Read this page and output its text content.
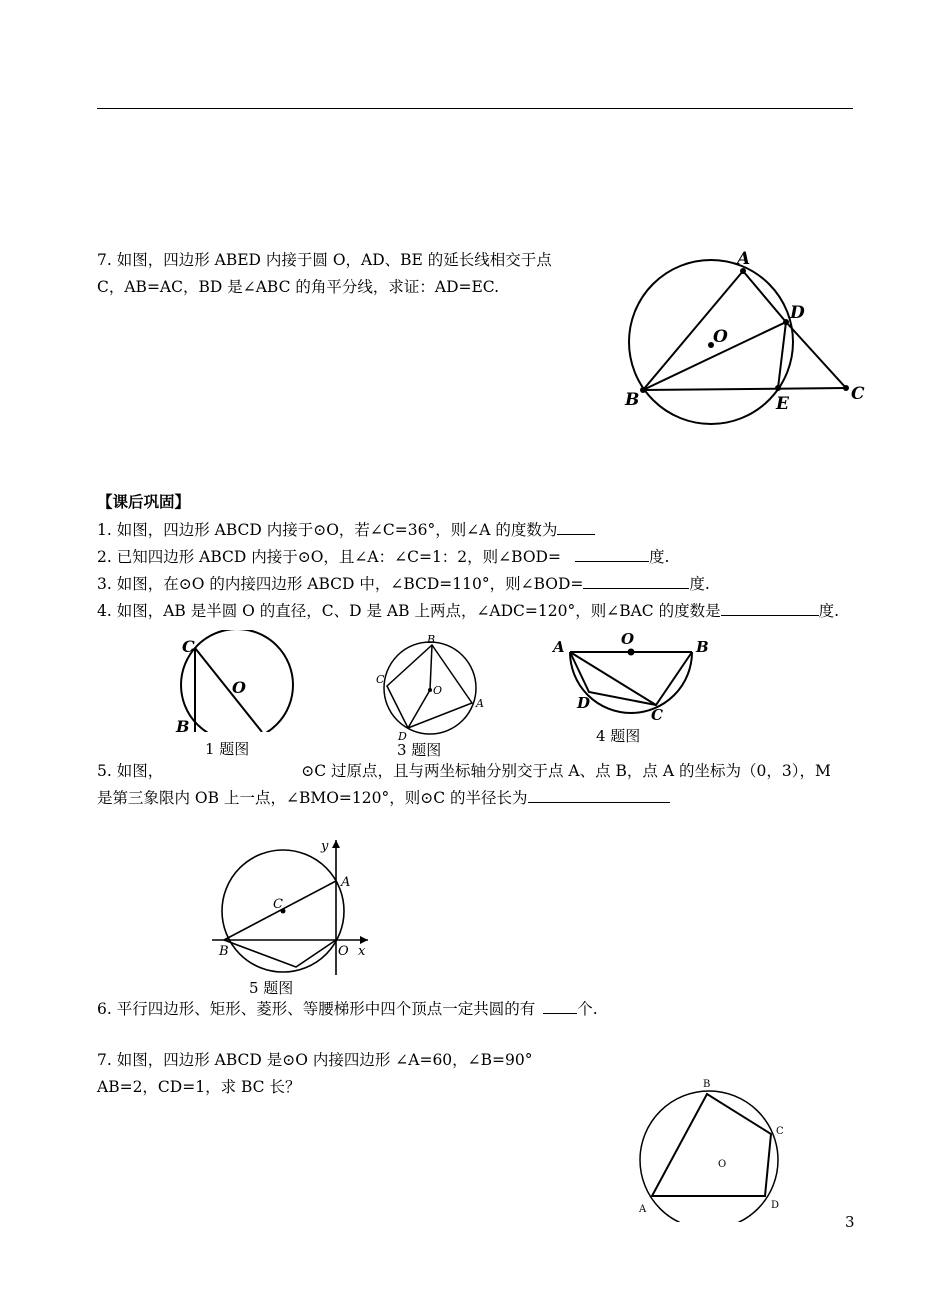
7. 如图，四边形 ABED 内接于圆 O，AD、BE 的延长线相交于点
C，AB=AC，BD 是∠ABC 的角平分线，求证：AD=EC.
A
D
O
B	E	C
【课后巩固】
1. 如图，四边形 ABCD 内接于⊙O，若∠C=36°，则∠A 的度数为
2. 已知四边形 ABCD 内接于⊙O，且∠A：∠C=1：2，则∠BOD=	度.
3. 如图，在⊙O 的内接四边形 ABCD 中，∠BCD=110°，则∠BOD=	度.
4. 如图，AB 是半圆 O 的直径，C、D 是 AB 上两点，∠ADC=120°，则∠BAC 的度数是	度.
C
O
B
1 题图
B
C
O
A
D
3 题图
A	O	B
D
C
4 题图
5. 如图，	⊙C 过原点，且与两坐标轴分别交于点 A、点 B，点 A 的坐标为（0，3），M
是第三象限内 OB 上一点，∠BMO=120°，则⊙C 的半径长为
y
A
C
B	O x
5 题图
6. 平行四边形、矩形、菱形、等腰梯形中四个顶点一定共圆的有	个.
7. 如图，四边形 ABCD 是⊙O 内接四边形 ∠A=60，∠B=90°
AB=2，CD=1，求 BC 长？	B
C
O
A	D
3
